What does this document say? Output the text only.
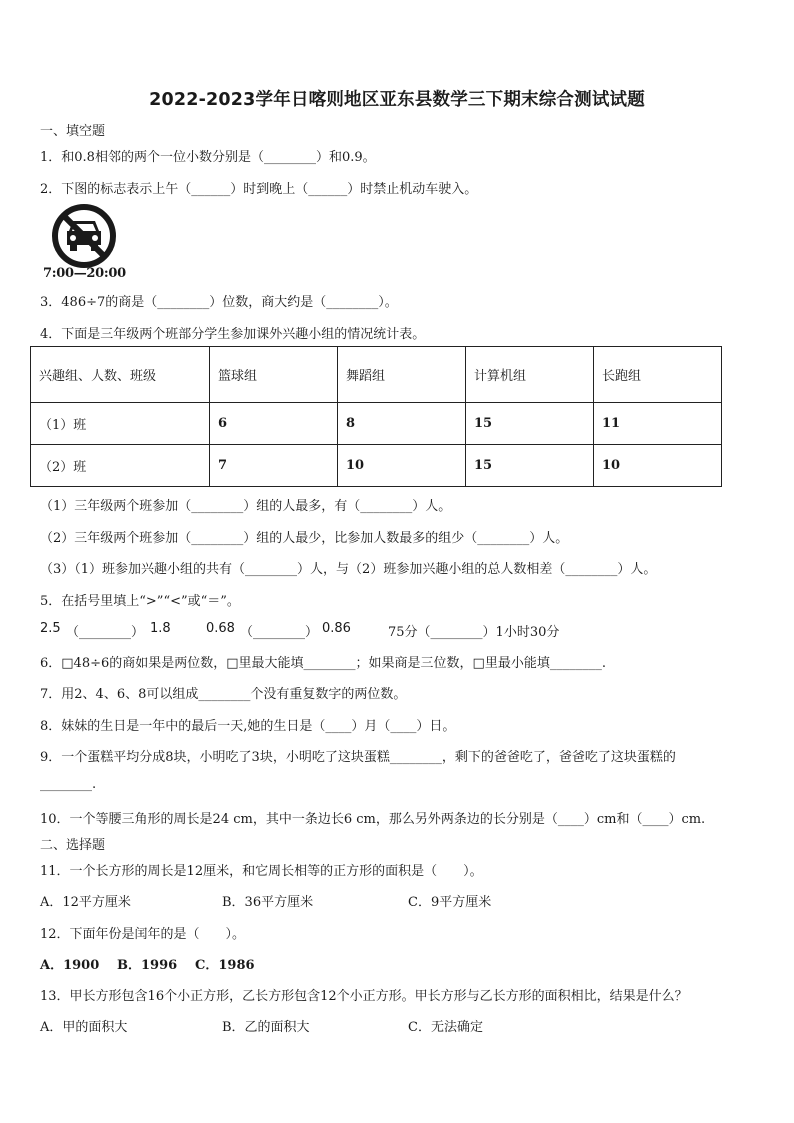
2022-2023学年日喀则地区亚东县数学三下期末综合测试试题
一、填空题
1．和0.8相邻的两个一位小数分别是（________）和0.9。
2．下图的标志表示上午（______）时到晚上（______）时禁止机动车驶入。
7:00—20:00
3．486÷7的商是（________）位数，商大约是（________）。
4．下面是三年级两个班部分学生参加课外兴趣小组的情况统计表。
兴趣组、人数、班级	篮球组	舞蹈组	计算机组	长跑组
（1）班	6	8	15	11
（2）班	7	10	15	10
（1）三年级两个班参加（________）组的人最多，有（________）人。
（2）三年级两个班参加（________）组的人最少，比参加人数最多的组少（________）人。
（3）（1）班参加兴趣小组的共有（________）人，与（2）班参加兴趣小组的总人数相差（________）人。
5．在括号里填上“>”“<”或“＝”。
2.5 （________） 1.8	0.68 （________） 0.86	75分（________）1小时30分
6．□48÷6的商如果是两位数，□里最大能填________；如果商是三位数，□里最小能填________.
7．用2、4、6、8可以组成________个没有重复数字的两位数。
8．妹妹的生日是一年中的最后一天,她的生日是（____）月（____）日。
9．一个蛋糕平均分成8块，小明吃了3块，小明吃了这块蛋糕________，剩下的爸爸吃了，爸爸吃了这块蛋糕的
________.
10．一个等腰三角形的周长是24 cm，其中一条边长6 cm，那么另外两条边的长分别是（____）cm和（____）cm.
二、选择题
11．一个长方形的周长是12厘米，和它周长相等的正方形的面积是（　　）。
A．12平方厘米	B．36平方厘米	C．9平方厘米
12．下面年份是闰年的是（　　）。
A．1900 B．1996 C．1986
13．甲长方形包含16个小正方形，乙长方形包含12个小正方形。甲长方形与乙长方形的面积相比，结果是什么？
A．甲的面积大	B．乙的面积大	C．无法确定
